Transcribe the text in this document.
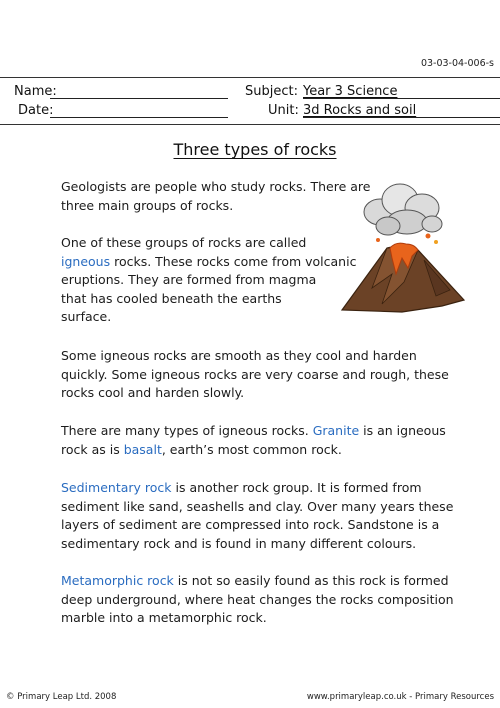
03-03-04-006-s
Name:	Subject: Year 3 Science
Date:	Unit: 3d Rocks and soil
Three types of rocks
Geologists are people who study rocks. There are
three main groups of rocks.
One of these groups of rocks are called
igneous rocks. These rocks come from volcanic
eruptions. They are formed from magma
that has cooled beneath the earths
surface.
Some igneous rocks are smooth as they cool and harden
quickly. Some igneous rocks are very coarse and rough, these
rocks cool and harden slowly.
There are many types of igneous rocks. Granite is an igneous
rock as is basalt, earth’s most common rock.
Sedimentary rock is another rock group. It is formed from
sediment like sand, seashells and clay. Over many years these
layers of sediment are compressed into rock. Sandstone is a
sedimentary rock and is found in many different colours.
Metamorphic rock is not so easily found as this rock is formed
deep underground, where heat changes the rocks composition
marble into a metamorphic rock.
© Primary Leap Ltd. 2008	www.primaryleap.co.uk - Primary Resources
